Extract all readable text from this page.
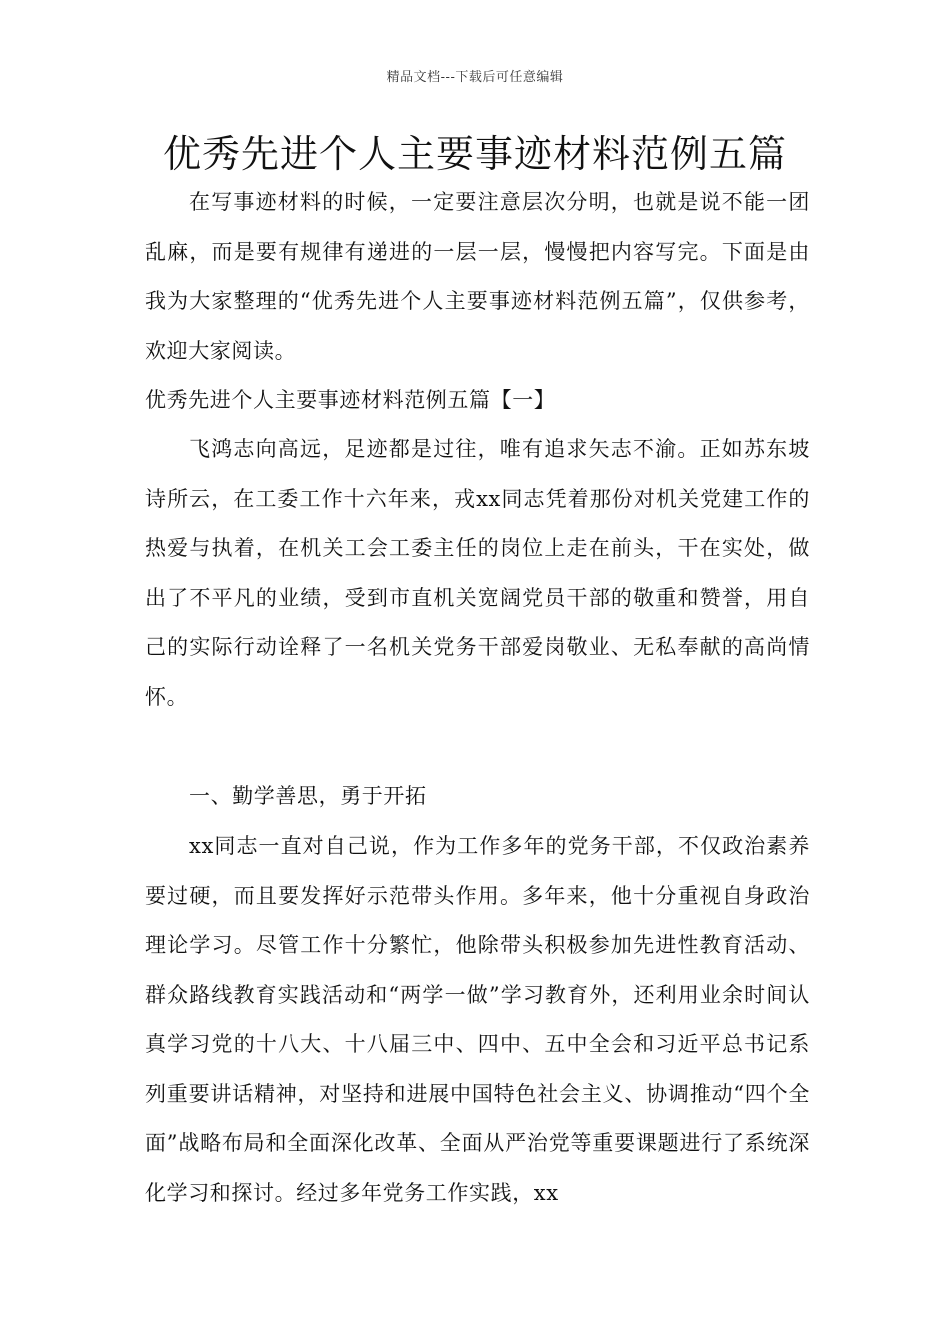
精品文档---下载后可任意编辑
优秀先进个人主要事迹材料范例五篇

在写事迹材料的时候，一定要注意层次分明，也就是说不能一团乱麻，而是要有规律有递进的一层一层，慢慢把内容写完。下面是由我为大家整理的“优秀先进个人主要事迹材料范例五篇”，仅供参考，欢迎大家阅读。

优秀先进个人主要事迹材料范例五篇【一】

飞鸿志向高远，足迹都是过往，唯有追求矢志不渝。正如苏东坡诗所云，在工委工作十六年来，戎xx同志凭着那份对机关党建工作的热爱与执着，在机关工会工委主任的岗位上走在前头，干在实处，做出了不平凡的业绩，受到市直机关宽阔党员干部的敬重和赞誉，用自己的实际行动诠释了一名机关党务干部爱岗敬业、无私奉献的高尚情怀。

一、勤学善思，勇于开拓

xx同志一直对自己说，作为工作多年的党务干部，不仅政治素养要过硬，而且要发挥好示范带头作用。多年来，他十分重视自身政治理论学习。尽管工作十分繁忙，他除带头积极参加先进性教育活动、群众路线教育实践活动和“两学一做”学习教育外，还利用业余时间认真学习党的十八大、十八届三中、四中、五中全会和习近平总书记系列重要讲话精神，对坚持和进展中国特色社会主义、协调推动“四个全面”战略布局和全面深化改革、全面从严治党等重要课题进行了系统深化学习和探讨。经过多年党务工作实践，xx
